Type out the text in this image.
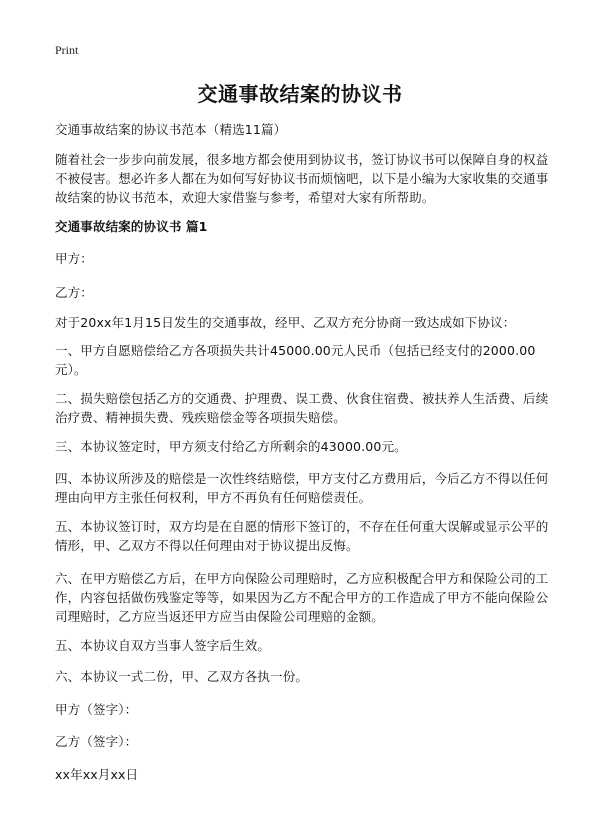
Print
交通事故结案的协议书

交通事故结案的协议书范本（精选11篇）

随着社会一步步向前发展，很多地方都会使用到协议书，签订协议书可以保障自身的权益不被侵害。想必许多人都在为如何写好协议书而烦恼吧，以下是小编为大家收集的交通事故结案的协议书范本，欢迎大家借鉴与参考，希望对大家有所帮助。

交通事故结案的协议书 篇1

甲方：

乙方：

对于20xx年1月15日发生的交通事故，经甲、乙双方充分协商一致达成如下协议：

一、甲方自愿赔偿给乙方各项损失共计45000.00元人民币（包括已经支付的2000.00元）。

二、损失赔偿包括乙方的交通费、护理费、误工费、伙食住宿费、被扶养人生活费、后续治疗费、精神损失费、残疾赔偿金等各项损失赔偿。

三、本协议签定时，甲方须支付给乙方所剩余的43000.00元。

四、本协议所涉及的赔偿是一次性终结赔偿，甲方支付乙方费用后，今后乙方不得以任何理由向甲方主张任何权利，甲方不再负有任何赔偿责任。

五、本协议签订时，双方均是在自愿的情形下签订的，不存在任何重大误解或显示公平的情形，甲、乙双方不得以任何理由对于协议提出反悔。

六、在甲方赔偿乙方后，在甲方向保险公司理赔时，乙方应积极配合甲方和保险公司的工作，内容包括做伤残鉴定等等，如果因为乙方不配合甲方的工作造成了甲方不能向保险公司理赔时，乙方应当返还甲方应当由保险公司理赔的金额。

五、本协议自双方当事人签字后生效。

六、本协议一式二份，甲、乙双方各执一份。

甲方（签字）：

乙方（签字）：

xx年xx月xx日
